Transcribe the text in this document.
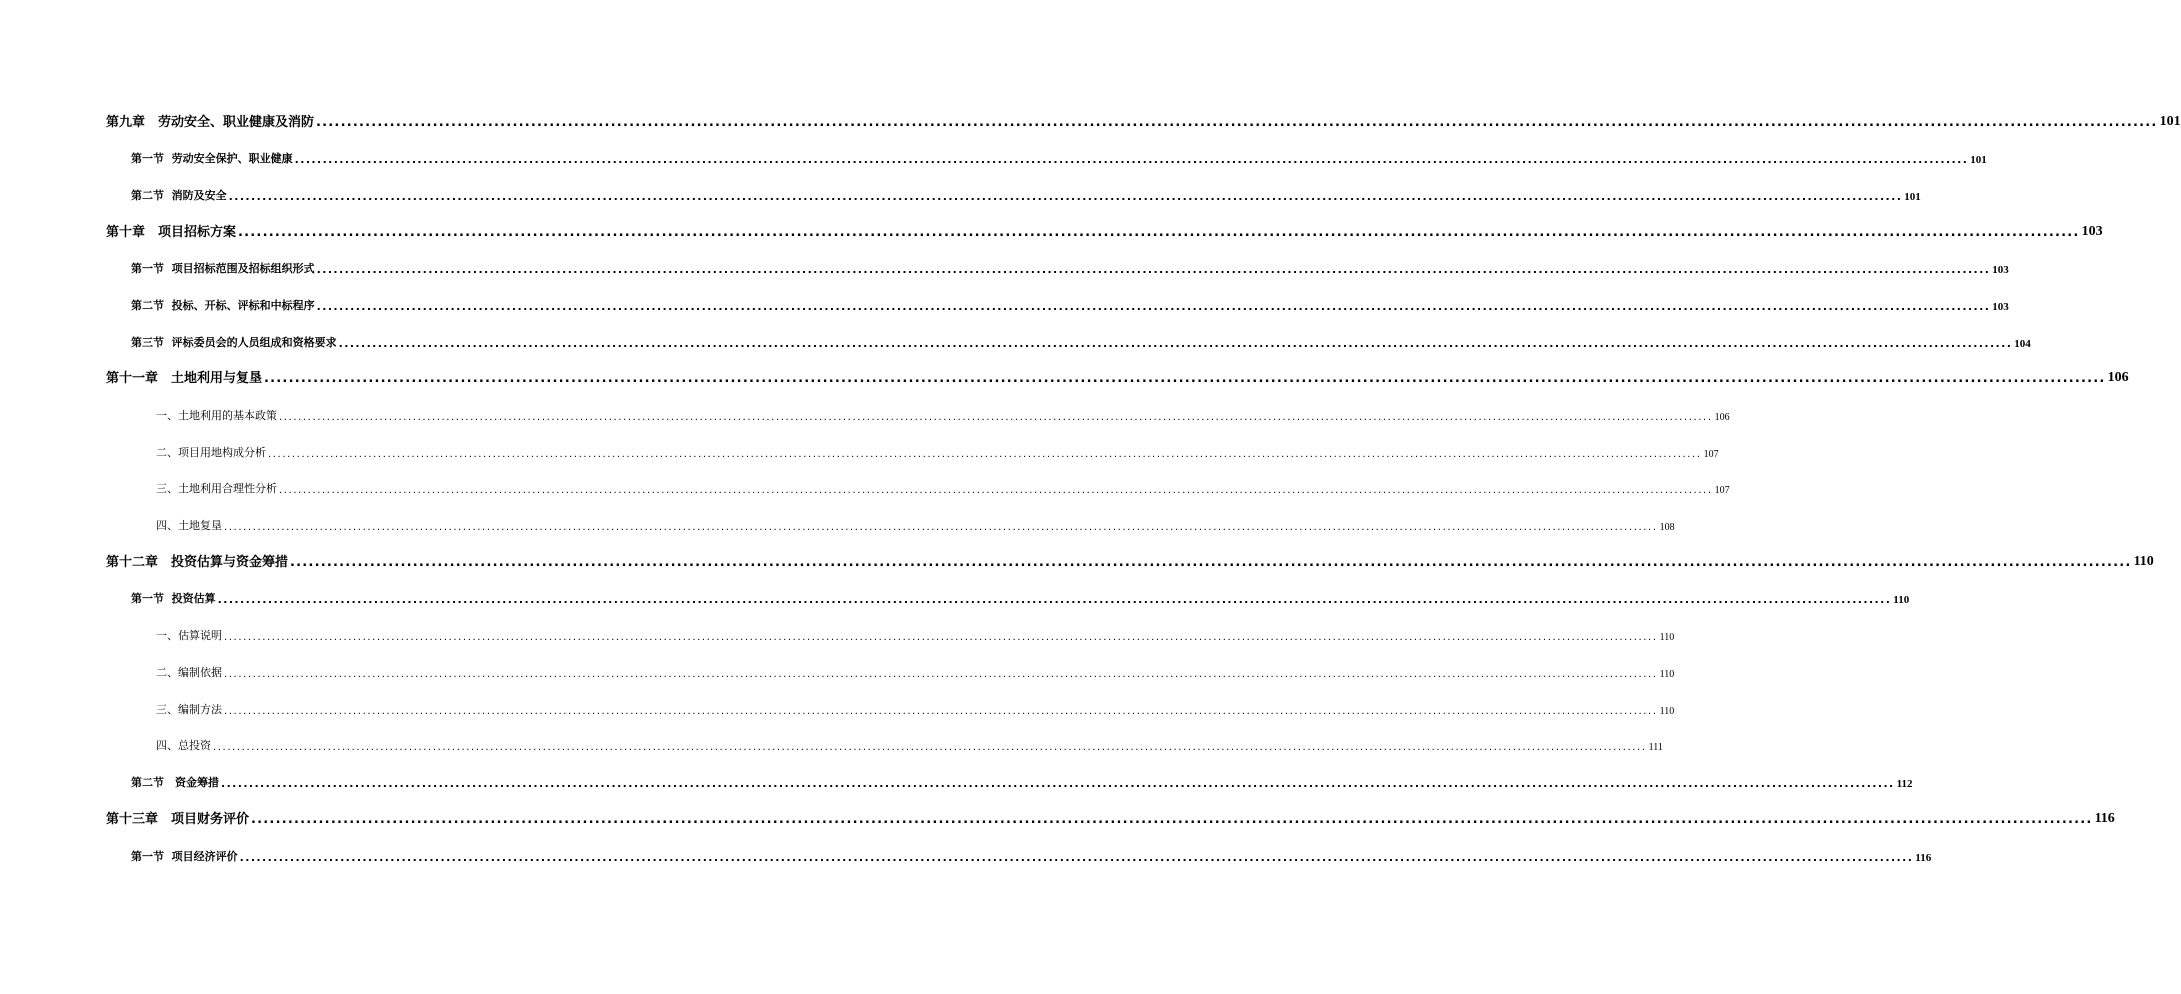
第九章　劳动安全、职业健康及消防 ............................................................................................................................................................................................................................................................................................................ 101
第一节  劳动安全保护、职业健康 ............................................................................................................................................................................................................................................................................................................ 101
第二节  消防及安全 ............................................................................................................................................................................................................................................................................................................ 101
第十章　项目招标方案 ............................................................................................................................................................................................................................................................................................................ 103
第一节  项目招标范围及招标组织形式 ............................................................................................................................................................................................................................................................................................................ 103
第二节  投标、开标、评标和中标程序 ............................................................................................................................................................................................................................................................................................................ 103
第三节  评标委员会的人员组成和资格要求 ............................................................................................................................................................................................................................................................................................................ 104
第十一章　土地利用与复垦 ............................................................................................................................................................................................................................................................................................................ 106
一、土地利用的基本政策 ............................................................................................................................................................................................................................................................................................................ 106
二、项目用地构成分析 ............................................................................................................................................................................................................................................................................................................ 107
三、土地利用合理性分析 ............................................................................................................................................................................................................................................................................................................ 107
四、土地复垦 ............................................................................................................................................................................................................................................................................................................ 108
第十二章　投资估算与资金筹措 ............................................................................................................................................................................................................................................................................................................ 110
第一节  投资估算 ............................................................................................................................................................................................................................................................................................................ 110
一、估算说明 ............................................................................................................................................................................................................................................................................................................ 110
二、编制依据 ............................................................................................................................................................................................................................................................................................................ 110
三、编制方法 ............................................................................................................................................................................................................................................................................................................ 110
四、总投资 ............................................................................................................................................................................................................................................................................................................ 111
第二节　资金筹措 ............................................................................................................................................................................................................................................................................................................ 112
第十三章　项目财务评价 ............................................................................................................................................................................................................................................................................................................ 116
第一节  项目经济评价 ............................................................................................................................................................................................................................................................................................................ 116
